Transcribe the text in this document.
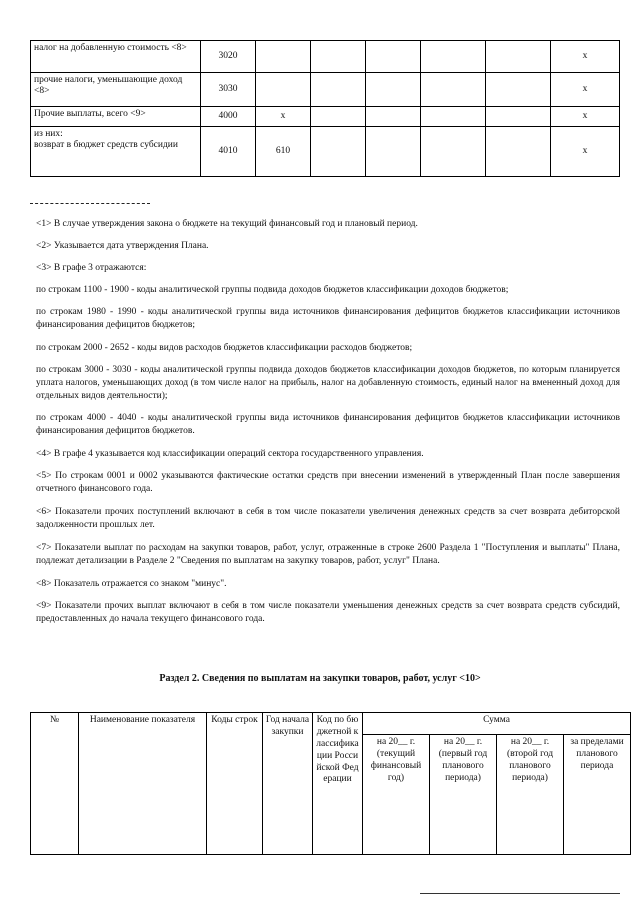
налог на добавленную стоимость <8>	3020						x
прочие налоги, уменьшающие доход <8>	3030						x
Прочие выплаты, всего <9>	4000	x					x
из них:
возврат в бюджет средств субсидии	4010	610					x

<1> В случае утверждения закона о бюджете на текущий финансовый год и плановый период.

<2> Указывается дата утверждения Плана.

<3> В графе 3 отражаются:

по строкам 1100 - 1900 - коды аналитической группы подвида доходов бюджетов классификации доходов бюджетов;

по строкам 1980 - 1990 - коды аналитической группы вида источников финансирования дефицитов бюджетов классификации источников финансирования дефицитов бюджетов;

по строкам 2000 - 2652 - коды видов расходов бюджетов классификации расходов бюджетов;

по строкам 3000 - 3030 - коды аналитической группы подвида доходов бюджетов классификации доходов бюджетов, по которым планируется уплата налогов, уменьшающих доход (в том числе налог на прибыль, налог на добавленную стоимость, единый налог на вмененный доход для отдельных видов деятельности);

по строкам 4000 - 4040 - коды аналитической группы вида источников финансирования дефицитов бюджетов классификации источников финансирования дефицитов бюджетов.

<4> В графе 4 указывается код классификации операций сектора государственного управления.

<5> По строкам 0001 и 0002 указываются фактические остатки средств при внесении изменений в утвержденный План после завершения отчетного финансового года.

<6> Показатели прочих поступлений включают в себя в том числе показатели увеличения денежных средств за счет возврата дебиторской задолженности прошлых лет.

<7> Показатели выплат по расходам на закупки товаров, работ, услуг, отраженные в строке 2600 Раздела 1 "Поступления и выплаты" Плана, подлежат детализации в Разделе 2 "Сведения по выплатам на закупку товаров, работ, услуг" Плана.

<8> Показатель отражается со знаком "минус".

<9> Показатели прочих выплат включают в себя в том числе показатели уменьшения денежных средств за счет возврата средств субсидий, предоставленных до начала текущего финансового года.

Раздел 2. Сведения по выплатам на закупки товаров, работ, услуг <10>
№	Наименование показателя	Коды строк	Год начала закупки	Код по бюджетной классификации Российской Федерации	Сумма			
					на 20__ г. (текущий финансовый год)	на 20__ г. (первый год планового периода)	на 20__ г. (второй год планового периода)	за пределами планового периода
